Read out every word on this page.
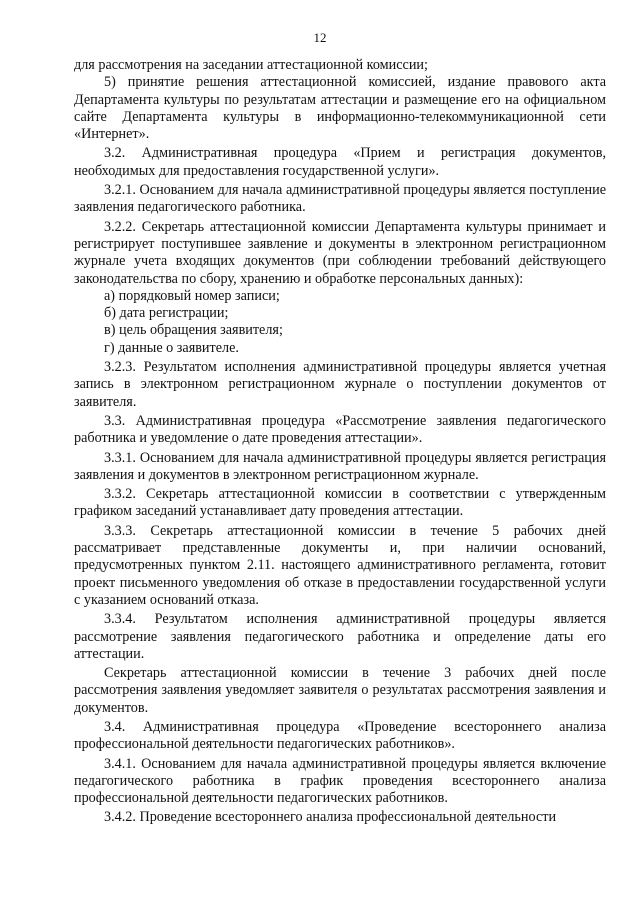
12

для рассмотрения на заседании аттестационной комиссии;

5) принятие решения аттестационной комиссией, издание правового акта Департамента культуры по результатам аттестации и размещение его на официальном сайте Департамента культуры в информационно-телекоммуникационной сети «Интернет».

3.2. Административная процедура «Прием и регистрация документов, необходимых для предоставления государственной услуги».

3.2.1. Основанием для начала административной процедуры является поступление заявления педагогического работника.

3.2.2. Секретарь аттестационной комиссии Департамента культуры принимает и регистрирует поступившее заявление и документы в электронном регистрационном журнале учета входящих документов (при соблюдении требований действующего законодательства по сбору, хранению и обработке персональных данных):

а) порядковый номер записи;

б) дата регистрации;

в) цель обращения заявителя;

г) данные о заявителе.

3.2.3. Результатом исполнения административной процедуры является учетная запись в электронном регистрационном журнале о поступлении документов от заявителя.

3.3. Административная процедура «Рассмотрение заявления педагогического работника и уведомление о дате проведения аттестации».

3.3.1. Основанием для начала административной процедуры является регистрация заявления и документов в электронном регистрационном журнале.

3.3.2. Секретарь аттестационной комиссии в соответствии с утвержденным графиком заседаний устанавливает дату проведения аттестации.

3.3.3. Секретарь аттестационной комиссии в течение 5 рабочих дней рассматривает представленные документы и, при наличии оснований, предусмотренных пунктом 2.11. настоящего административного регламента, готовит проект письменного уведомления об отказе в предоставлении государственной услуги с указанием оснований отказа.

3.3.4. Результатом исполнения административной процедуры является рассмотрение заявления педагогического работника и определение даты его аттестации.

Секретарь аттестационной комиссии в течение 3 рабочих дней после рассмотрения заявления уведомляет заявителя о результатах рассмотрения заявления и документов.

3.4. Административная процедура «Проведение всестороннего анализа профессиональной деятельности педагогических работников».

3.4.1. Основанием для начала административной процедуры является включение педагогического работника в график проведения всестороннего анализа профессиональной деятельности педагогических работников.

3.4.2. Проведение всестороннего анализа профессиональной деятельности
